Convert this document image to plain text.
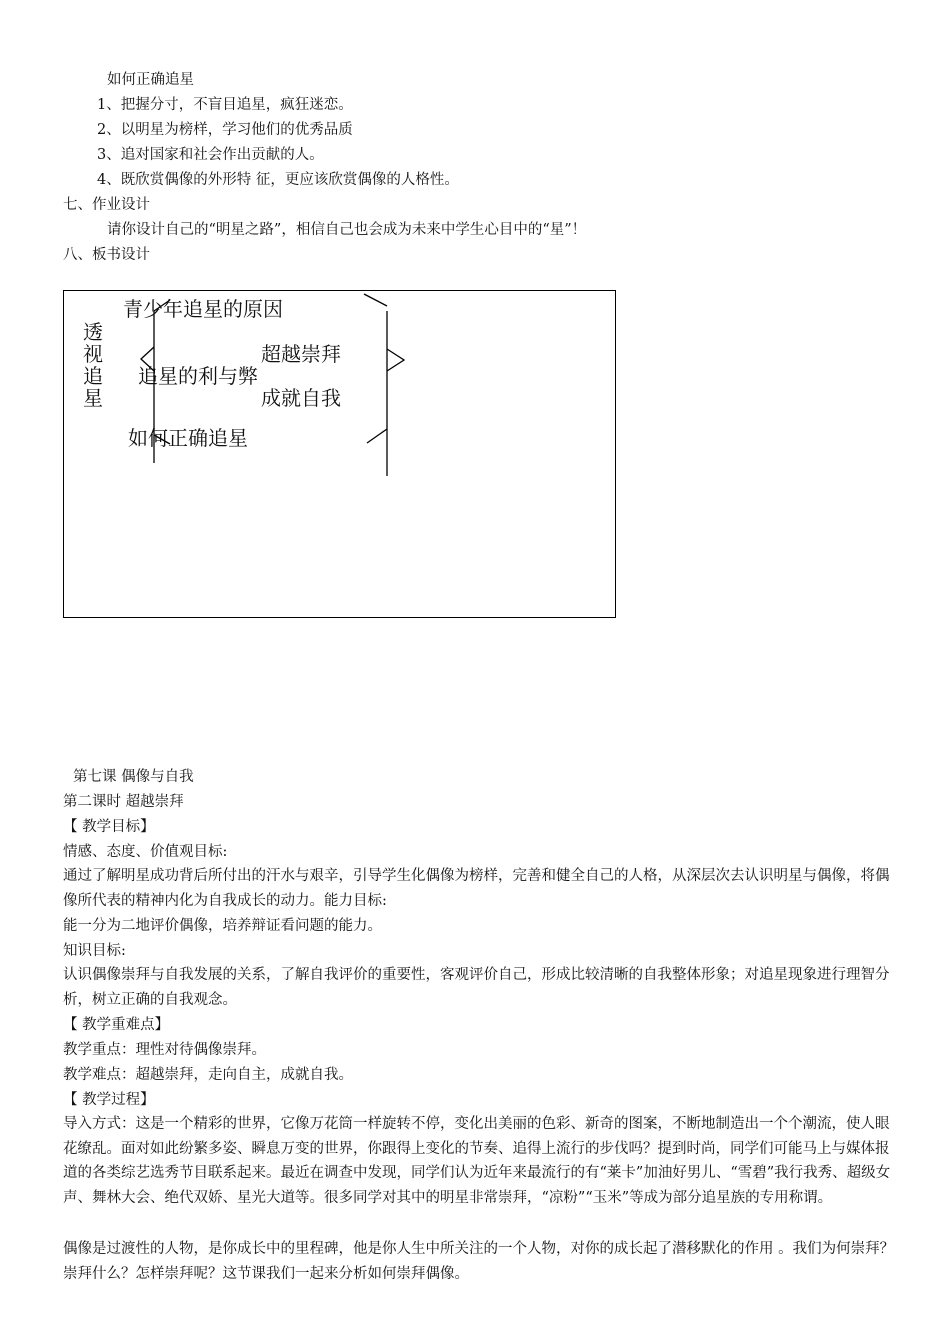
如何正确追星
1、把握分寸，不盲目追星，疯狂迷恋。
2、以明星为榜样，学习他们的优秀品质
3、追对国家和社会作出贡献的人。
4、既欣赏偶像的外形特 征，更应该欣赏偶像的人格性。
七、作业设计
请你设计自己的“明星之路”，相信自己也会成为未来中学生心目中的“星”！
八、板书设计
透视追星
青少年追星的原因
超越崇拜
追星的利与弊
成就自我
如何正确追星
第七课 偶像与自我
第二课时 超越崇拜
【 教学目标】
情感、态度、价值观目标:
通过了解明星成功背后所付出的汗水与艰辛，引导学生化偶像为榜样，完善和健全自己的人格，从深层次去认识明星与偶像，将偶像所代表的精神内化为自我成长的动力。能力目标:
能一分为二地评价偶像，培养辩证看问题的能力。
知识目标:
认识偶像崇拜与自我发展的关系，了解自我评价的重要性，客观评价自己，形成比较清晰的自我整体形象；对追星现象进行理智分析，树立正确的自我观念。
【 教学重难点】
教学重点：理性对待偶像崇拜。
教学难点：超越崇拜，走向自主，成就自我。
【 教学过程】
导入方式：这是一个精彩的世界，它像万花筒一样旋转不停，变化出美丽的色彩、新奇的图案，不断地制造出一个个潮流，使人眼花缭乱。面对如此纷繁多姿、瞬息万变的世界，你跟得上变化的节奏、追得上流行的步伐吗？提到时尚，同学们可能马上与媒体报道的各类综艺选秀节目联系起来。最近在调查中发现，同学们认为近年来最流行的有“莱卡”加油好男儿、“雪碧”我行我秀、超级女声、舞林大会、绝代双娇、星光大道等。很多同学对其中的明星非常崇拜，“凉粉”“玉米”等成为部分追星族的专用称谓。
偶像是过渡性的人物，是你成长中的里程碑，他是你人生中所关注的一个人物，对你的成长起了潜移默化的作用 。我们为何崇拜？崇拜什么？怎样崇拜呢？这节课我们一起来分析如何崇拜偶像。
